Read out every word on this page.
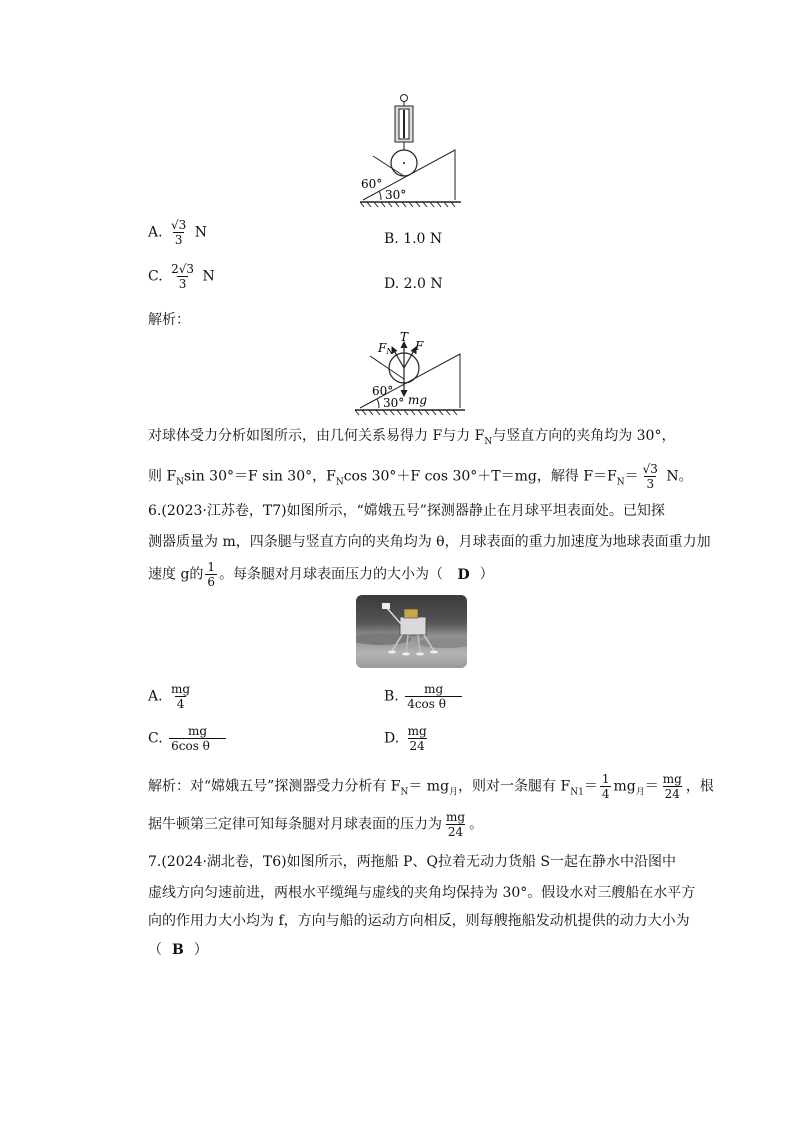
60°
30°
A. $\frac{√3}{3}$ N	B. 1.0 N
C. $\frac{2√3}{3}$ N	D. 2.0 N
解析：
FN
T
F
60°
30° mg
对球体受力分析如图所示，由几何关系易得力 F与力 $F_N$与竖直方向的夹角均为 30°，
则 $F_N\sin$ 30°＝F sin 30°，$F_N\cos$ 30°＋F cos 30°＋T＝mg，解得 $F=F_N= \frac{√3}{3}$ N。
6.(2023·江苏卷，T7)如图所示，“嫦娥五号”探测器静止在月球平坦表面处。已知探
测器质量为 m，四条腿与竖直方向的夹角均为 θ，月球表面的重力加速度为地球表面重力加
速度 g的 $\frac{1}{6}$ 。每条腿对月球表面压力的大小为（ D ）
A. $\frac{mg}{4}$	B. $\frac{mg}{\text{4cos θ}}$
C. $\frac{mg}{\text{6cos θ}}$	D. $\frac{mg}{24}$
解析：对“嫦娥五号”探测器受力分析有 $F_N= mg_月$，则对一条腿有 $F_{N1}= \frac{1}{4} mg_月= \frac{mg}{24}$ ，根
据牛顿第三定律可知每条腿对月球表面的压力为 $\frac{mg}{24}$ 。
7.(2024·湖北卷，T6)如图所示，两拖船 P、Q拉着无动力货船 S一起在静水中沿图中
虚线方向匀速前进，两根水平缆绳与虚线的夹角均保持为 30°。假设水对三艘船在水平方
向的作用力大小均为 f，方向与船的运动方向相反，则每艘拖船发动机提供的动力大小为
（ B ）
